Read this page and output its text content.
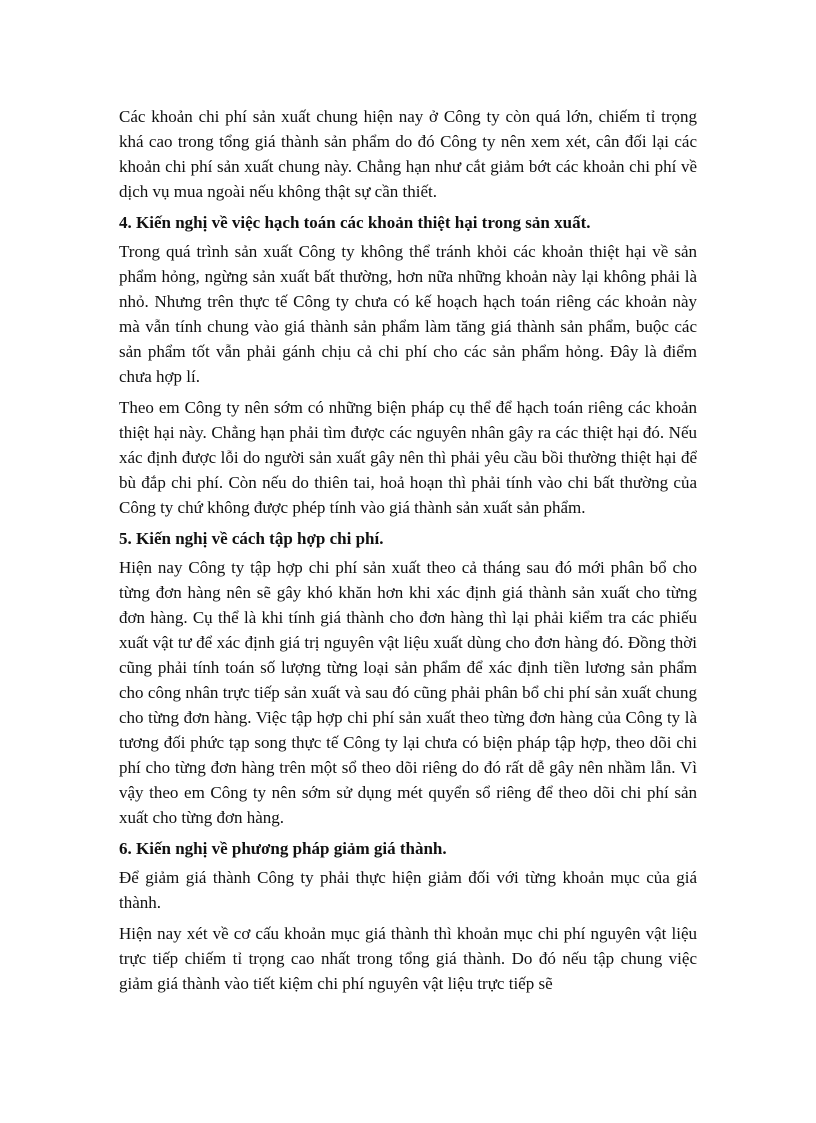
Các khoản chi phí sản xuất chung hiện nay ở Công ty còn quá lớn, chiếm tỉ trọng khá cao trong tổng giá thành sản phẩm do đó Công ty nên xem xét, cân đối lại các khoản chi phí sản xuất chung này. Chẳng hạn như cắt giảm bớt các khoản chi phí về dịch vụ mua ngoài nếu không thật sự cần thiết.

4. Kiến nghị về việc hạch toán các khoản thiệt hại trong sản xuất.

Trong quá trình sản xuất Công ty không thể tránh khỏi các khoản thiệt hại về sản phẩm hỏng, ngừng sản xuất bất thường, hơn nữa những khoản này lại không phải là nhỏ. Nhưng trên thực tế Công ty chưa có kế hoạch hạch toán riêng các khoản này mà vẫn tính chung vào giá thành sản phẩm làm tăng giá thành sản phẩm, buộc các sản phẩm tốt vẫn phải gánh chịu cả chi phí cho các sản phẩm hỏng. Đây là điểm chưa hợp lí.

Theo em Công ty nên sớm có những biện pháp cụ thể để hạch toán riêng các khoản thiệt hại này. Chẳng hạn phải tìm được các nguyên nhân gây ra các thiệt hại đó. Nếu xác định được lỗi do người sản xuất gây nên thì phải yêu cầu bồi thường thiệt hại để bù đắp chi phí. Còn nếu do thiên tai, hoả hoạn thì phải tính vào chi bất thường của Công ty chứ không được phép tính vào giá thành sản xuất sản phẩm.

5. Kiến nghị về cách tập hợp chi phí.

Hiện nay Công ty tập hợp chi phí sản xuất theo cả tháng sau đó mới phân bổ cho từng đơn hàng nên sẽ gây khó khăn hơn khi xác định giá thành sản xuất cho từng đơn hàng. Cụ thể là khi tính giá thành cho đơn hàng thì lại phải kiểm tra các phiếu xuất vật tư để xác định giá trị nguyên vật liệu xuất dùng cho đơn hàng đó. Đồng thời cũng phải tính toán số lượng từng loại sản phẩm để xác định tiền lương sản phẩm cho công nhân trực tiếp sản xuất và sau đó cũng phải phân bổ chi phí sản xuất chung cho từng đơn hàng. Việc tập hợp chi phí sản xuất theo từng đơn hàng của Công ty là tương đối phức tạp song thực tế Công ty lại chưa có biện pháp tập hợp, theo dõi chi phí cho từng đơn hàng trên một sổ theo dõi riêng do đó rất dễ gây nên nhầm lẫn. Vì vậy theo em Công ty nên sớm sử dụng mét quyển sổ riêng để theo dõi chi phí sản xuất cho từng đơn hàng.

6. Kiến nghị về phương pháp giảm giá thành.

Để giảm giá thành Công ty phải thực hiện giảm đối với từng khoản mục của giá thành.

Hiện nay xét về cơ cấu khoản mục giá thành thì khoản mục chi phí nguyên vật liệu trực tiếp chiếm tỉ trọng cao nhất trong tổng giá thành. Do đó nếu tập chung việc giảm giá thành vào tiết kiệm chi phí nguyên vật liệu trực tiếp sẽ
